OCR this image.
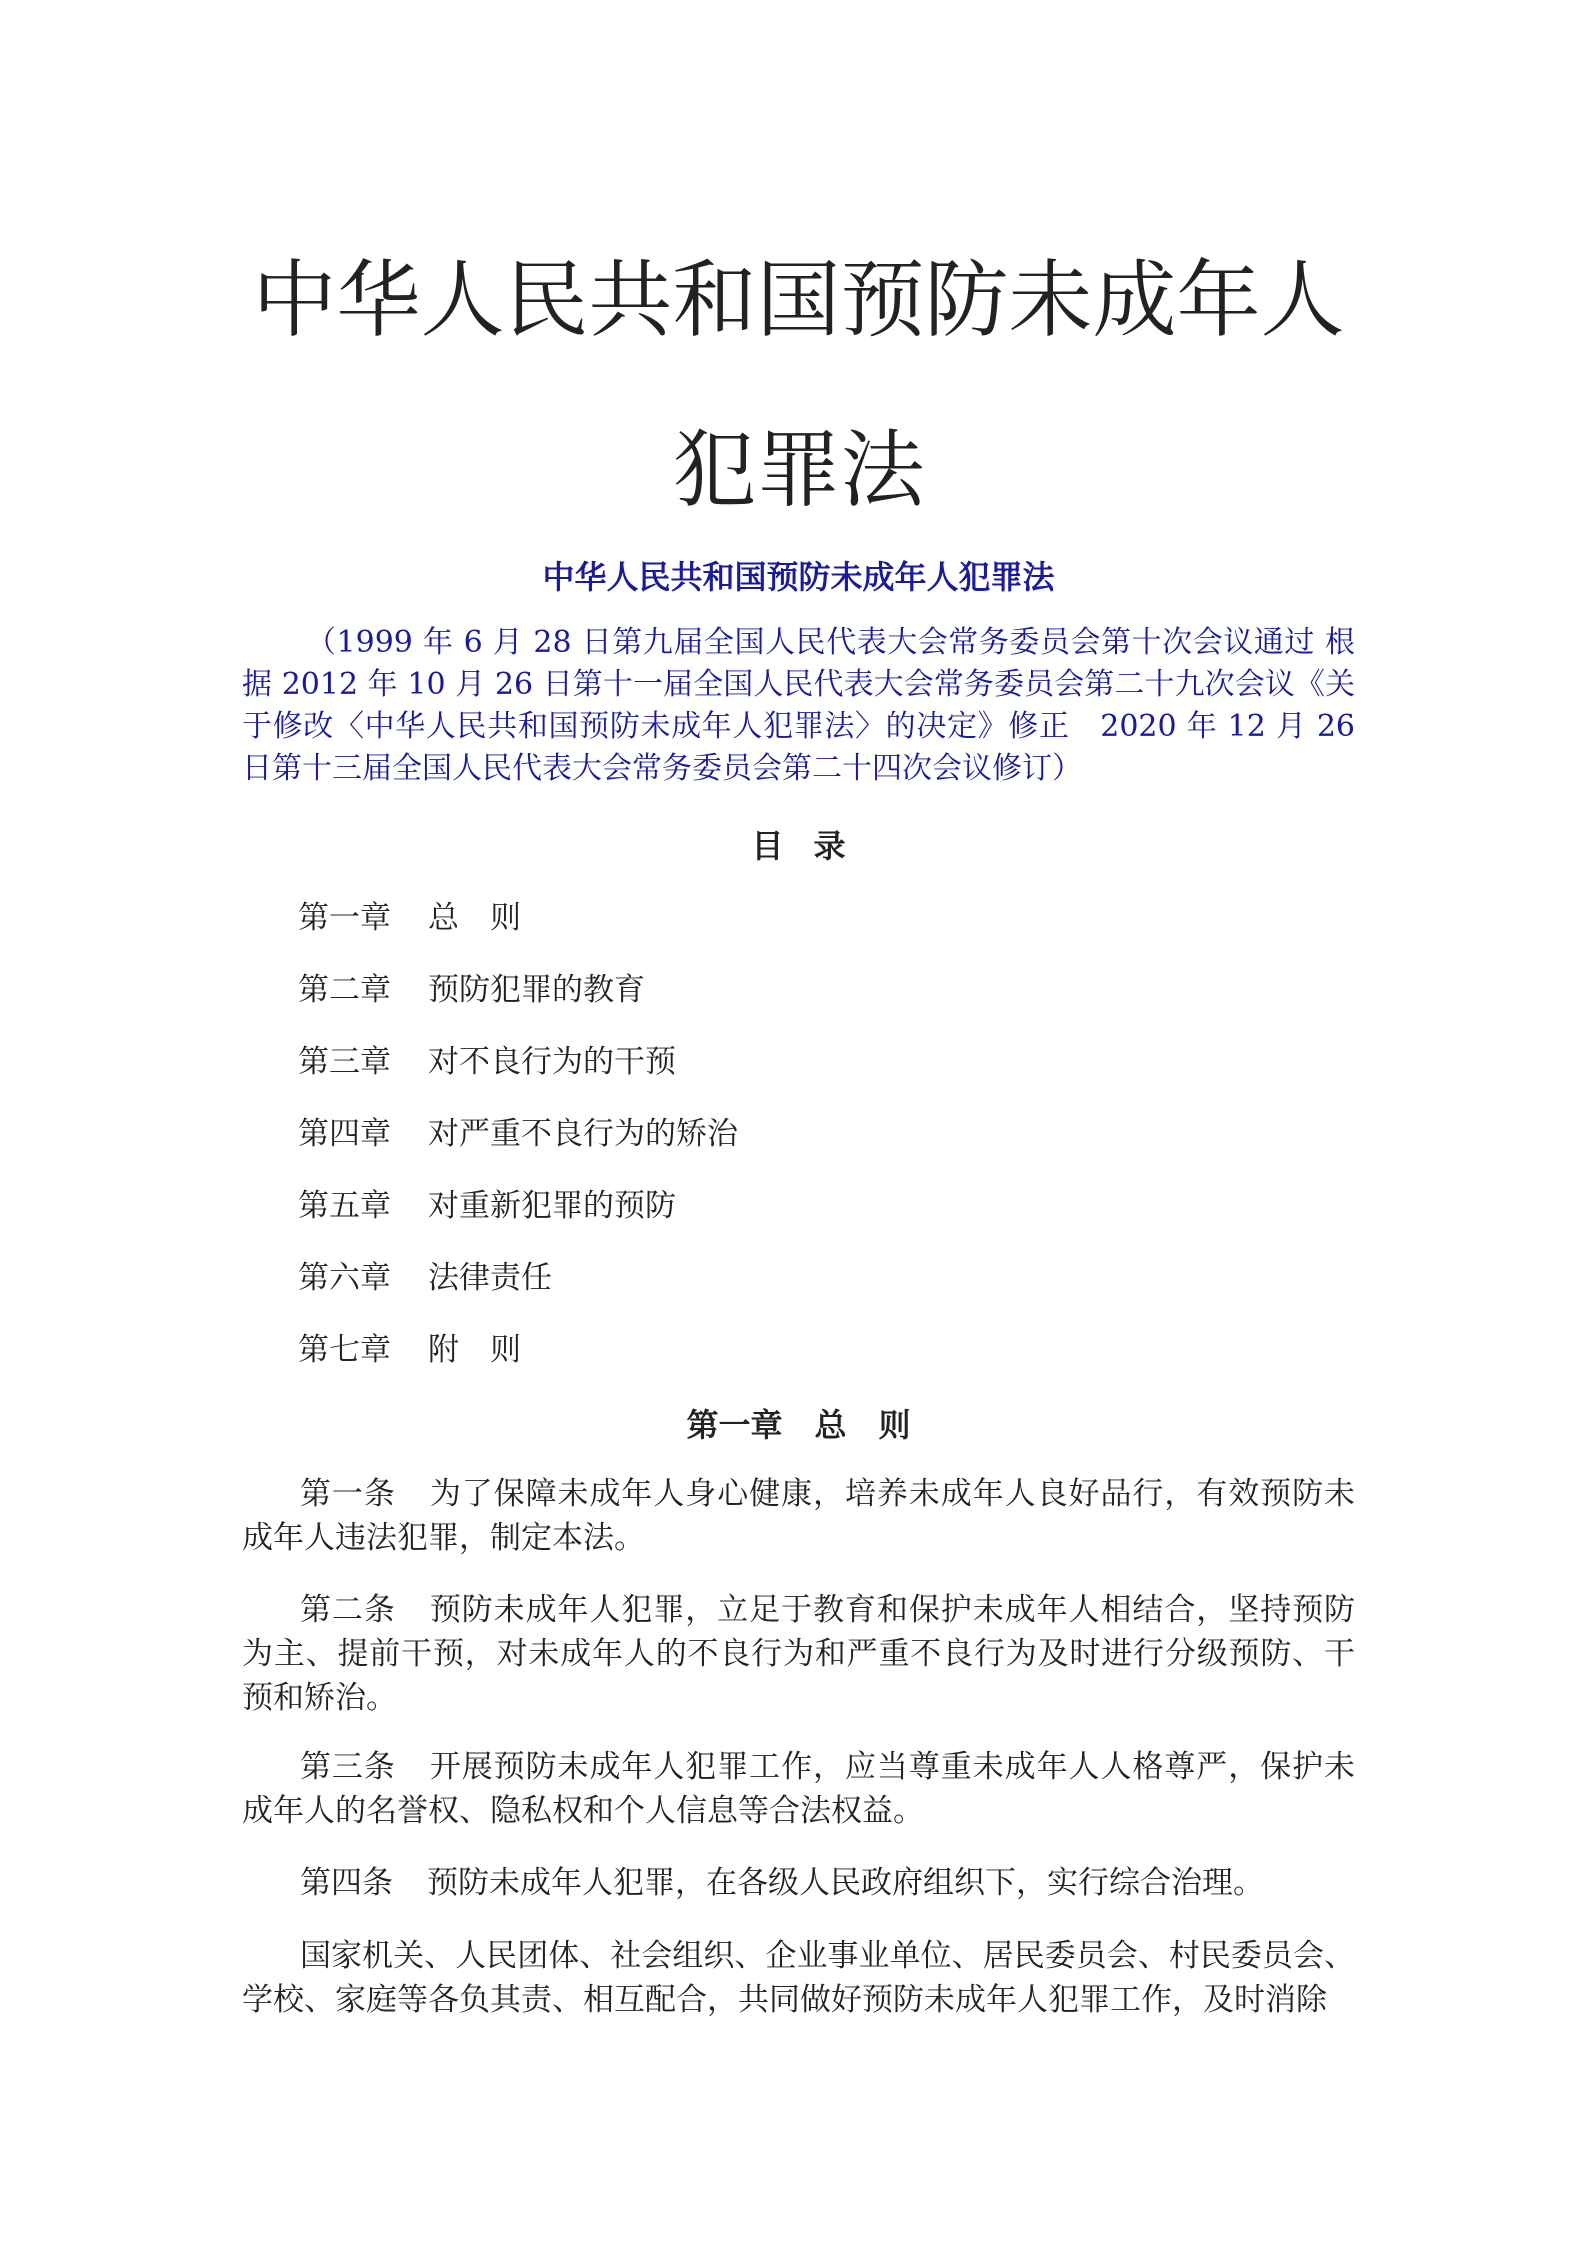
中华人民共和国预防未成年人犯罪法

中华人民共和国预防未成年人犯罪法

（1999 年 6 月 28 日第九届全国人民代表大会常务委员会第十次会议通过 根据 2012 年 10 月 26 日第十一届全国人民代表大会常务委员会第二十九次会议《关于修改〈中华人民共和国预防未成年人犯罪法〉的决定》修正　2020 年 12 月 26 日第十三届全国人民代表大会常务委员会第二十四次会议修订）

目录

第一章 总　则
第二章 预防犯罪的教育
第三章 对不良行为的干预
第四章 对严重不良行为的矫治
第五章 对重新犯罪的预防
第六章 法律责任
第七章 附　则

第一章　总　则

第一条 为了保障未成年人身心健康，培养未成年人良好品行，有效预防未成年人违法犯罪，制定本法。

第二条 预防未成年人犯罪，立足于教育和保护未成年人相结合，坚持预防为主、提前干预，对未成年人的不良行为和严重不良行为及时进行分级预防、干预和矫治。

第三条 开展预防未成年人犯罪工作，应当尊重未成年人人格尊严，保护未成年人的名誉权、隐私权和个人信息等合法权益。

第四条 预防未成年人犯罪，在各级人民政府组织下，实行综合治理。

国家机关、人民团体、社会组织、企业事业单位、居民委员会、村民委员会、学校、家庭等各负其责、相互配合，共同做好预防未成年人犯罪工作，及时消除
